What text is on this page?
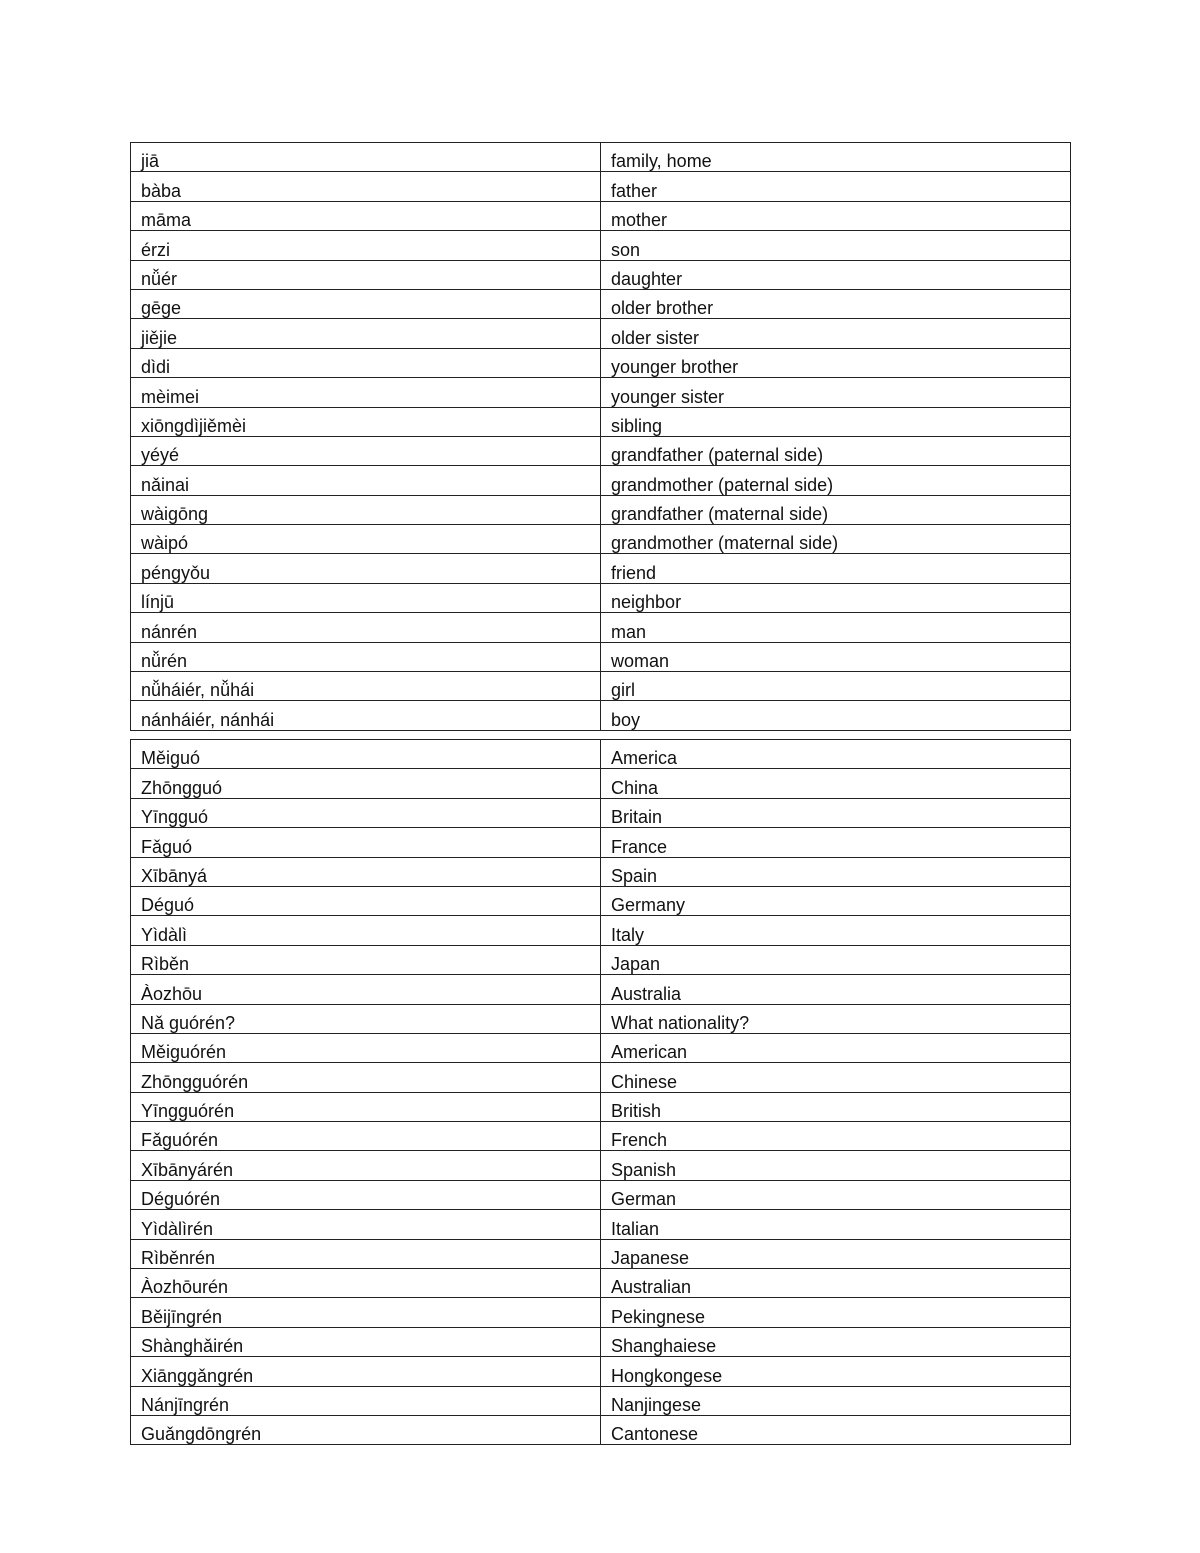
jiā	family, home
bàba	father
māma	mother
érzi	son
nǚér	daughter
gēge	older brother
jiějie	older sister
dìdi	younger brother
mèimei	younger sister
xiōngdìjiěmèi	sibling
yéyé	grandfather (paternal side)
nǎinai	grandmother (paternal side)
wàigōng	grandfather (maternal side)
wàipó	grandmother (maternal side)
péngyǒu	friend
línjū	neighbor
nánrén	man
nǚrén	woman
nǚháiér, nǚhái	girl
nánháiér, nánhái	boy
Měiguó	America
Zhōngguó	China
Yīngguó	Britain
Fǎguó	France
Xībānyá	Spain
Déguó	Germany
Yìdàlì	Italy
Rìběn	Japan
Àozhōu	Australia
Nǎ guórén?	What nationality?
Měiguórén	American
Zhōngguórén	Chinese
Yīngguórén	British
Fǎguórén	French
Xībānyárén	Spanish
Déguórén	German
Yìdàlìrén	Italian
Rìběnrén	Japanese
Àozhōurén	Australian
Běijīngrén	Pekingnese
Shànghǎirén	Shanghaiese
Xiānggǎngrén	Hongkongese
Nánjīngrén	Nanjingese
Guǎngdōngrén	Cantonese
